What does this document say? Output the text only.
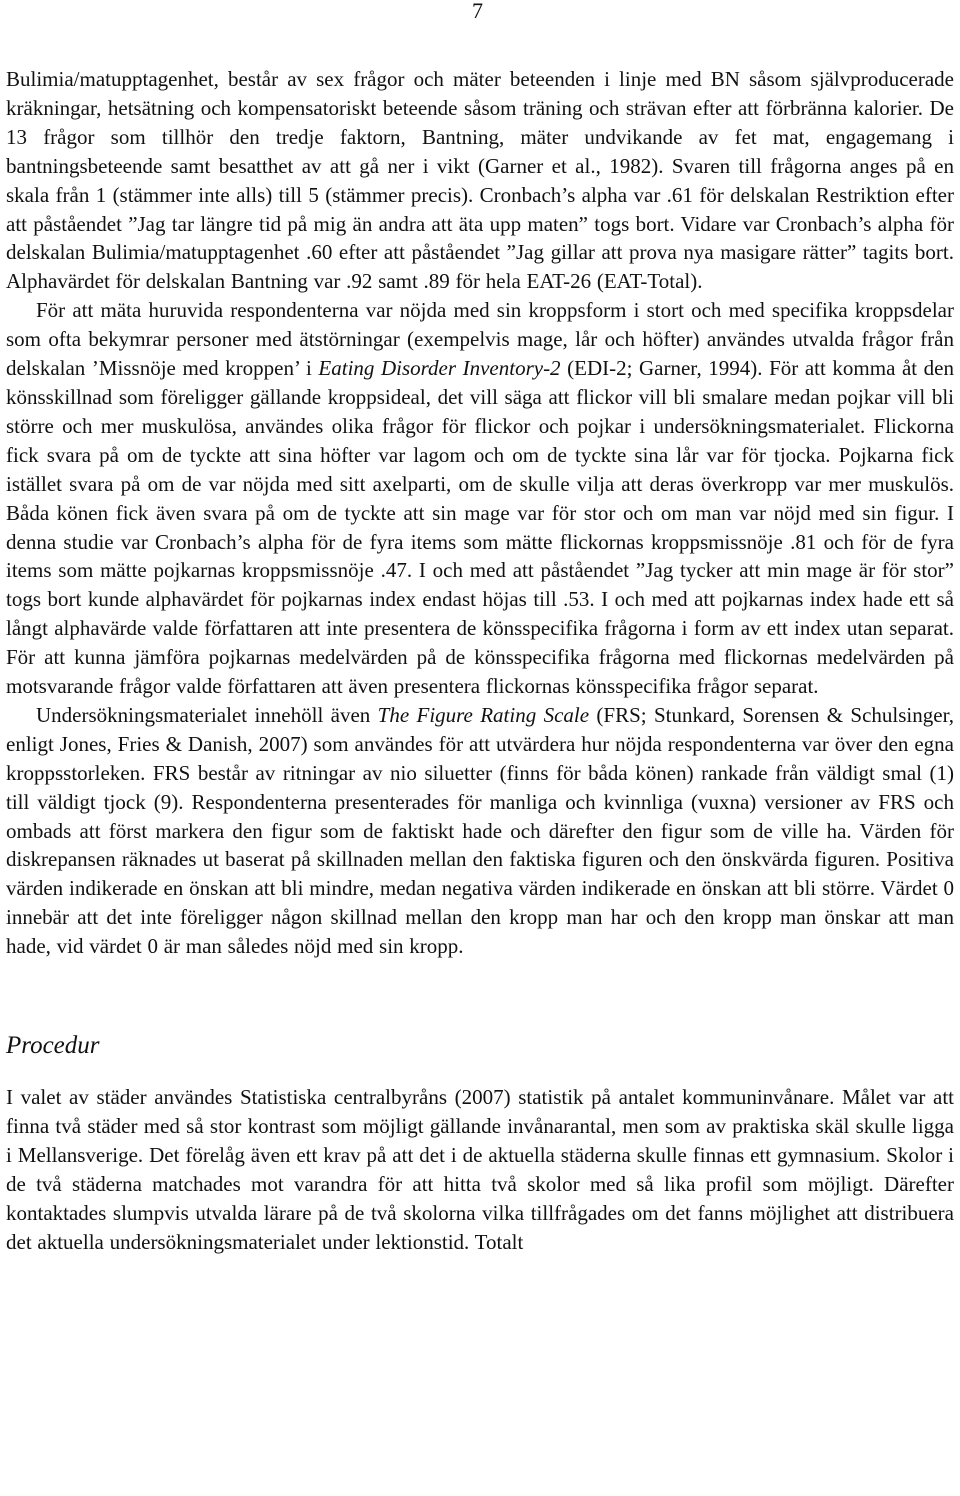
7

Bulimia/matupptagenhet, består av sex frågor och mäter beteenden i linje med BN såsom självproducerade kräkningar, hetsätning och kompensatoriskt beteende såsom träning och strävan efter att förbränna kalorier. De 13 frågor som tillhör den tredje faktorn, Bantning, mäter undvikande av fet mat, engagemang i bantningsbeteende samt besatthet av att gå ner i vikt (Garner et al., 1982). Svaren till frågorna anges på en skala från 1 (stämmer inte alls) till 5 (stämmer precis). Cronbach’s alpha var .61 för delskalan Restriktion efter att påståendet ”Jag tar längre tid på mig än andra att äta upp maten” togs bort. Vidare var Cronbach’s alpha för delskalan Bulimia/matupptagenhet .60 efter att påståendet ”Jag gillar att prova nya masigare rätter” tagits bort. Alphavärdet för delskalan Bantning var .92 samt .89 för hela EAT-26 (EAT-Total).

För att mäta huruvida respondenterna var nöjda med sin kroppsform i stort och med specifika kroppsdelar som ofta bekymrar personer med ätstörningar (exempelvis mage, lår och höfter) användes utvalda frågor från delskalan ’Missnöje med kroppen’ i Eating Disorder Inventory-2 (EDI-2; Garner, 1994). För att komma åt den könsskillnad som föreligger gällande kroppsideal, det vill säga att flickor vill bli smalare medan pojkar vill bli större och mer muskulösa, användes olika frågor för flickor och pojkar i undersökningsmaterialet. Flickorna fick svara på om de tyckte att sina höfter var lagom och om de tyckte sina lår var för tjocka. Pojkarna fick istället svara på om de var nöjda med sitt axelparti, om de skulle vilja att deras överkropp var mer muskulös. Båda könen fick även svara på om de tyckte att sin mage var för stor och om man var nöjd med sin figur. I denna studie var Cronbach’s alpha för de fyra items som mätte flickornas kroppsmissnöje .81 och för de fyra items som mätte pojkarnas kroppsmissnöje .47. I och med att påståendet ”Jag tycker att min mage är för stor” togs bort kunde alphavärdet för pojkarnas index endast höjas till .53. I och med att pojkarnas index hade ett så långt alphavärde valde författaren att inte presentera de könsspecifika frågorna i form av ett index utan separat. För att kunna jämföra pojkarnas medelvärden på de könsspecifika frågorna med flickornas medelvärden på motsvarande frågor valde författaren att även presentera flickornas könsspecifika frågor separat.

Undersökningsmaterialet innehöll även The Figure Rating Scale (FRS; Stunkard, Sorensen & Schulsinger, enligt Jones, Fries & Danish, 2007) som användes för att utvärdera hur nöjda respondenterna var över den egna kroppsstorleken. FRS består av ritningar av nio siluetter (finns för båda könen) rankade från väldigt smal (1) till väldigt tjock (9). Respondenterna presenterades för manliga och kvinnliga (vuxna) versioner av FRS och ombads att först markera den figur som de faktiskt hade och därefter den figur som de ville ha. Värden för diskrepansen räknades ut baserat på skillnaden mellan den faktiska figuren och den önskvärda figuren. Positiva värden indikerade en önskan att bli mindre, medan negativa värden indikerade en önskan att bli större. Värdet 0 innebär att det inte föreligger någon skillnad mellan den kropp man har och den kropp man önskar att man hade, vid värdet 0 är man således nöjd med sin kropp.

Procedur

I valet av städer användes Statistiska centralbyråns (2007) statistik på antalet kommuninvånare. Målet var att finna två städer med så stor kontrast som möjligt gällande invånarantal, men som av praktiska skäl skulle ligga i Mellansverige. Det förelåg även ett krav på att det i de aktuella städerna skulle finnas ett gymnasium. Skolor i de två städerna matchades mot varandra för att hitta två skolor med så lika profil som möjligt. Därefter kontaktades slumpvis utvalda lärare på de två skolorna vilka tillfrågades om det fanns möjlighet att distribuera det aktuella undersökningsmaterialet under lektionstid. Totalt
